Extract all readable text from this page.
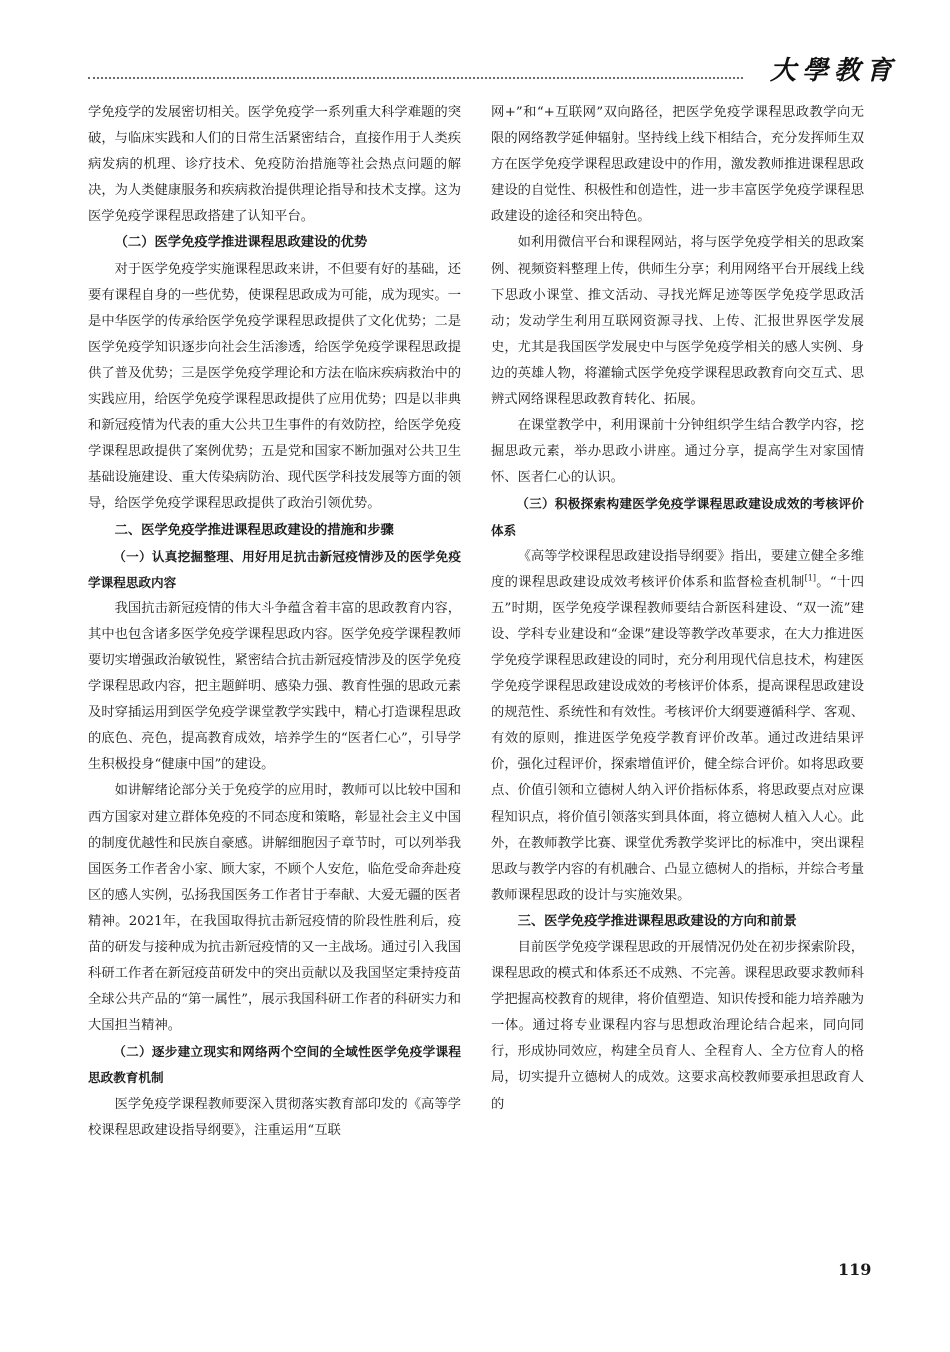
大學教育

学免疫学的发展密切相关。医学免疫学一系列重大科学难题的突破，与临床实践和人们的日常生活紧密结合，直接作用于人类疾病发病的机理、诊疗技术、免疫防治措施等社会热点问题的解决，为人类健康服务和疾病救治提供理论指导和技术支撑。这为医学免疫学课程思政搭建了认知平台。

（二）医学免疫学推进课程思政建设的优势

对于医学免疫学实施课程思政来讲，不但要有好的基础，还要有课程自身的一些优势，使课程思政成为可能，成为现实。一是中华医学的传承给医学免疫学课程思政提供了文化优势；二是医学免疫学知识逐步向社会生活渗透，给医学免疫学课程思政提供了普及优势；三是医学免疫学理论和方法在临床疾病救治中的实践应用，给医学免疫学课程思政提供了应用优势；四是以非典和新冠疫情为代表的重大公共卫生事件的有效防控，给医学免疫学课程思政提供了案例优势；五是党和国家不断加强对公共卫生基础设施建设、重大传染病防治、现代医学科技发展等方面的领导，给医学免疫学课程思政提供了政治引领优势。

二、医学免疫学推进课程思政建设的措施和步骤
（一）认真挖掘整理、用好用足抗击新冠疫情涉及的医学免疫学课程思政内容

我国抗击新冠疫情的伟大斗争蕴含着丰富的思政教育内容，其中也包含诸多医学免疫学课程思政内容。医学免疫学课程教师要切实增强政治敏锐性，紧密结合抗击新冠疫情涉及的医学免疫学课程思政内容，把主题鲜明、感染力强、教育性强的思政元素及时穿插运用到医学免疫学课堂教学实践中，精心打造课程思政的底色、亮色，提高教育成效，培养学生的“医者仁心”，引导学生积极投身“健康中国”的建设。

如讲解绪论部分关于免疫学的应用时，教师可以比较中国和西方国家对建立群体免疫的不同态度和策略，彰显社会主义中国的制度优越性和民族自豪感。讲解细胞因子章节时，可以列举我国医务工作者舍小家、顾大家，不顾个人安危，临危受命奔赴疫区的感人实例，弘扬我国医务工作者甘于奉献、大爱无疆的医者精神。2021年，在我国取得抗击新冠疫情的阶段性胜利后，疫苗的研发与接种成为抗击新冠疫情的又一主战场。通过引入我国科研工作者在新冠疫苗研发中的突出贡献以及我国坚定秉持疫苗全球公共产品的“第一属性”，展示我国科研工作者的科研实力和大国担当精神。

（二）逐步建立现实和网络两个空间的全域性医学免疫学课程思政教育机制

医学免疫学课程教师要深入贯彻落实教育部印发的《高等学校课程思政建设指导纲要》，注重运用“互联

网+”和“+互联网”双向路径，把医学免疫学课程思政教学向无限的网络教学延伸辐射。坚持线上线下相结合，充分发挥师生双方在医学免疫学课程思政建设中的作用，激发教师推进课程思政建设的自觉性、积极性和创造性，进一步丰富医学免疫学课程思政建设的途径和突出特色。

如利用微信平台和课程网站，将与医学免疫学相关的思政案例、视频资料整理上传，供师生分享；利用网络平台开展线上线下思政小课堂、推文活动、寻找光辉足迹等医学免疫学思政活动；发动学生利用互联网资源寻找、上传、汇报世界医学发展史，尤其是我国医学发展史中与医学免疫学相关的感人实例、身边的英雄人物，将灌输式医学免疫学课程思政教育向交互式、思辨式网络课程思政教育转化、拓展。

在课堂教学中，利用课前十分钟组织学生结合教学内容，挖掘思政元素，举办思政小讲座。通过分享，提高学生对家国情怀、医者仁心的认识。

（三）积极探索构建医学免疫学课程思政建设成效的考核评价体系

《高等学校课程思政建设指导纲要》指出，要建立健全多维度的课程思政建设成效考核评价体系和监督检查机制[1]。“十四五”时期，医学免疫学课程教师要结合新医科建设、“双一流”建设、学科专业建设和“金课”建设等教学改革要求，在大力推进医学免疫学课程思政建设的同时，充分利用现代信息技术，构建医学免疫学课程思政建设成效的考核评价体系，提高课程思政建设的规范性、系统性和有效性。考核评价大纲要遵循科学、客观、有效的原则，推进医学免疫学教育评价改革。通过改进结果评价，强化过程评价，探索增值评价，健全综合评价。如将思政要点、价值引领和立德树人纳入评价指标体系，将思政要点对应课程知识点，将价值引领落实到具体面，将立德树人植入人心。此外，在教师教学比赛、课堂优秀教学奖评比的标准中，突出课程思政与教学内容的有机融合、凸显立德树人的指标，并综合考量教师课程思政的设计与实施效果。

三、医学免疫学推进课程思政建设的方向和前景

目前医学免疫学课程思政的开展情况仍处在初步探索阶段，课程思政的模式和体系还不成熟、不完善。课程思政要求教师科学把握高校教育的规律，将价值塑造、知识传授和能力培养融为一体。通过将专业课程内容与思想政治理论结合起来，同向同行，形成协同效应，构建全员育人、全程育人、全方位育人的格局，切实提升立德树人的成效。这要求高校教师要承担思政育人的

119
